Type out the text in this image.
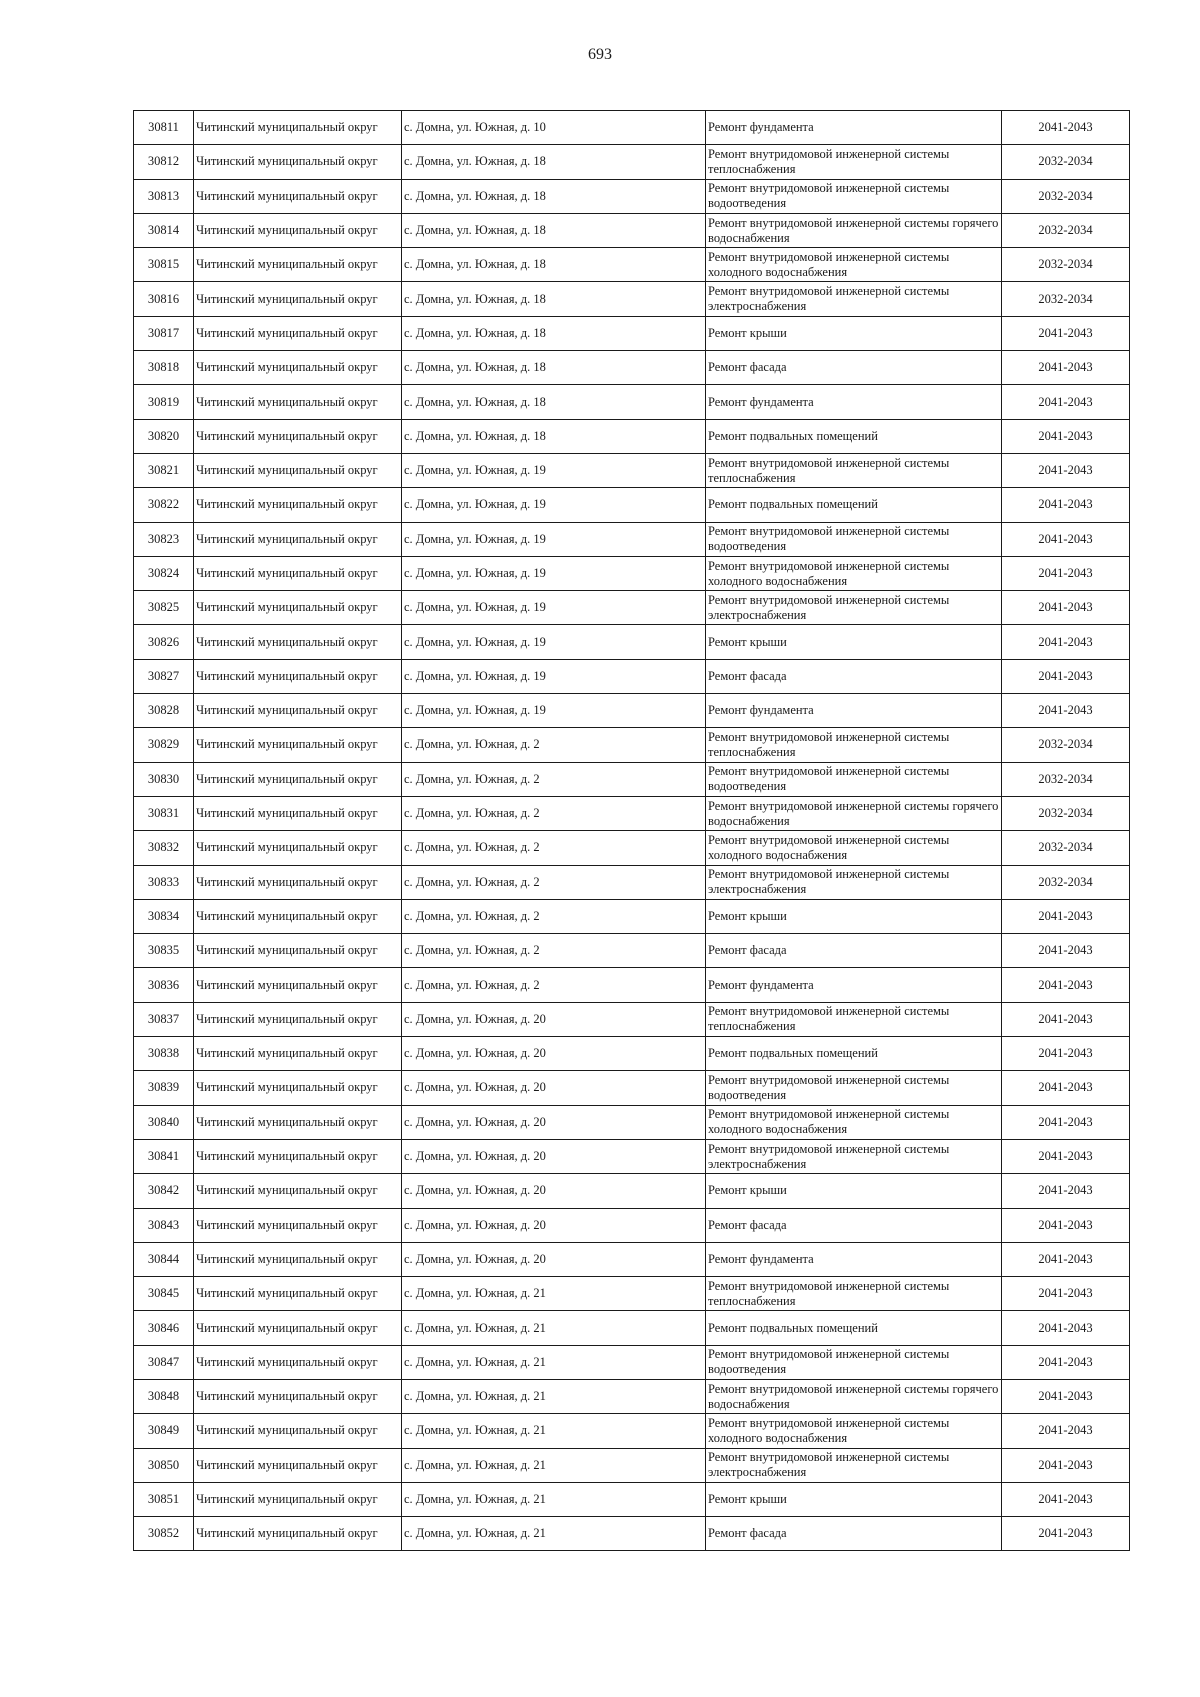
693
30811	Читинский муниципальный округ	с. Домна, ул. Южная, д. 10	Ремонт фундамента	2041-2043
30812	Читинский муниципальный округ	с. Домна, ул. Южная, д. 18	Ремонт внутридомовой инженерной системы теплоснабжения	2032-2034
30813	Читинский муниципальный округ	с. Домна, ул. Южная, д. 18	Ремонт внутридомовой инженерной системы водоотведения	2032-2034
30814	Читинский муниципальный округ	с. Домна, ул. Южная, д. 18	Ремонт внутридомовой инженерной системы горячего водоснабжения	2032-2034
30815	Читинский муниципальный округ	с. Домна, ул. Южная, д. 18	Ремонт внутридомовой инженерной системы холодного водоснабжения	2032-2034
30816	Читинский муниципальный округ	с. Домна, ул. Южная, д. 18	Ремонт внутридомовой инженерной системы электроснабжения	2032-2034
30817	Читинский муниципальный округ	с. Домна, ул. Южная, д. 18	Ремонт крыши	2041-2043
30818	Читинский муниципальный округ	с. Домна, ул. Южная, д. 18	Ремонт фасада	2041-2043
30819	Читинский муниципальный округ	с. Домна, ул. Южная, д. 18	Ремонт фундамента	2041-2043
30820	Читинский муниципальный округ	с. Домна, ул. Южная, д. 18	Ремонт подвальных помещений	2041-2043
30821	Читинский муниципальный округ	с. Домна, ул. Южная, д. 19	Ремонт внутридомовой инженерной системы теплоснабжения	2041-2043
30822	Читинский муниципальный округ	с. Домна, ул. Южная, д. 19	Ремонт подвальных помещений	2041-2043
30823	Читинский муниципальный округ	с. Домна, ул. Южная, д. 19	Ремонт внутридомовой инженерной системы водоотведения	2041-2043
30824	Читинский муниципальный округ	с. Домна, ул. Южная, д. 19	Ремонт внутридомовой инженерной системы холодного водоснабжения	2041-2043
30825	Читинский муниципальный округ	с. Домна, ул. Южная, д. 19	Ремонт внутридомовой инженерной системы электроснабжения	2041-2043
30826	Читинский муниципальный округ	с. Домна, ул. Южная, д. 19	Ремонт крыши	2041-2043
30827	Читинский муниципальный округ	с. Домна, ул. Южная, д. 19	Ремонт фасада	2041-2043
30828	Читинский муниципальный округ	с. Домна, ул. Южная, д. 19	Ремонт фундамента	2041-2043
30829	Читинский муниципальный округ	с. Домна, ул. Южная, д. 2	Ремонт внутридомовой инженерной системы теплоснабжения	2032-2034
30830	Читинский муниципальный округ	с. Домна, ул. Южная, д. 2	Ремонт внутридомовой инженерной системы водоотведения	2032-2034
30831	Читинский муниципальный округ	с. Домна, ул. Южная, д. 2	Ремонт внутридомовой инженерной системы горячего водоснабжения	2032-2034
30832	Читинский муниципальный округ	с. Домна, ул. Южная, д. 2	Ремонт внутридомовой инженерной системы холодного водоснабжения	2032-2034
30833	Читинский муниципальный округ	с. Домна, ул. Южная, д. 2	Ремонт внутридомовой инженерной системы электроснабжения	2032-2034
30834	Читинский муниципальный округ	с. Домна, ул. Южная, д. 2	Ремонт крыши	2041-2043
30835	Читинский муниципальный округ	с. Домна, ул. Южная, д. 2	Ремонт фасада	2041-2043
30836	Читинский муниципальный округ	с. Домна, ул. Южная, д. 2	Ремонт фундамента	2041-2043
30837	Читинский муниципальный округ	с. Домна, ул. Южная, д. 20	Ремонт внутридомовой инженерной системы теплоснабжения	2041-2043
30838	Читинский муниципальный округ	с. Домна, ул. Южная, д. 20	Ремонт подвальных помещений	2041-2043
30839	Читинский муниципальный округ	с. Домна, ул. Южная, д. 20	Ремонт внутридомовой инженерной системы водоотведения	2041-2043
30840	Читинский муниципальный округ	с. Домна, ул. Южная, д. 20	Ремонт внутридомовой инженерной системы холодного водоснабжения	2041-2043
30841	Читинский муниципальный округ	с. Домна, ул. Южная, д. 20	Ремонт внутридомовой инженерной системы электроснабжения	2041-2043
30842	Читинский муниципальный округ	с. Домна, ул. Южная, д. 20	Ремонт крыши	2041-2043
30843	Читинский муниципальный округ	с. Домна, ул. Южная, д. 20	Ремонт фасада	2041-2043
30844	Читинский муниципальный округ	с. Домна, ул. Южная, д. 20	Ремонт фундамента	2041-2043
30845	Читинский муниципальный округ	с. Домна, ул. Южная, д. 21	Ремонт внутридомовой инженерной системы теплоснабжения	2041-2043
30846	Читинский муниципальный округ	с. Домна, ул. Южная, д. 21	Ремонт подвальных помещений	2041-2043
30847	Читинский муниципальный округ	с. Домна, ул. Южная, д. 21	Ремонт внутридомовой инженерной системы водоотведения	2041-2043
30848	Читинский муниципальный округ	с. Домна, ул. Южная, д. 21	Ремонт внутридомовой инженерной системы горячего водоснабжения	2041-2043
30849	Читинский муниципальный округ	с. Домна, ул. Южная, д. 21	Ремонт внутридомовой инженерной системы холодного водоснабжения	2041-2043
30850	Читинский муниципальный округ	с. Домна, ул. Южная, д. 21	Ремонт внутридомовой инженерной системы электроснабжения	2041-2043
30851	Читинский муниципальный округ	с. Домна, ул. Южная, д. 21	Ремонт крыши	2041-2043
30852	Читинский муниципальный округ	с. Домна, ул. Южная, д. 21	Ремонт фасада	2041-2043
